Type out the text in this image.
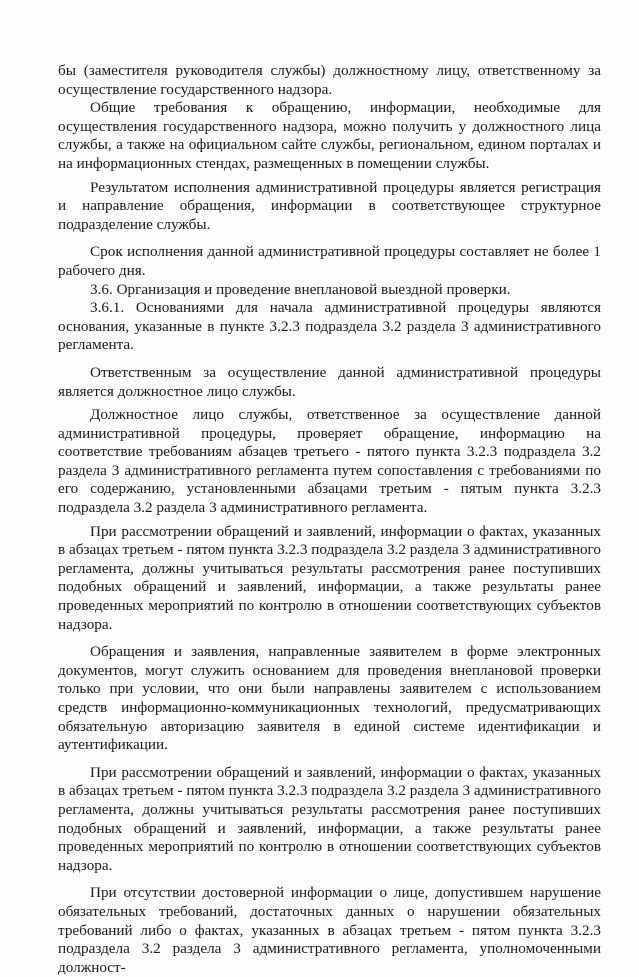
бы (заместителя руководителя службы) должностному лицу, ответственному за осуществление государственного надзора.

Общие требования к обращению, информации, необходимые для осуществления государственного надзора, можно получить у должностного лица службы, а также на официальном сайте службы, региональном, едином порталах и на информационных стендах, размещенных в помещении службы.

Результатом исполнения административной процедуры является регистрация и направление обращения, информации в соответствующее структурное подразделение службы.

Срок исполнения данной административной процедуры составляет не более 1 рабочего дня.

3.6. Организация и проведение внеплановой выездной проверки.

3.6.1. Основаниями для начала административной процедуры являются основания, указанные в пункте 3.2.3 подраздела 3.2 раздела 3 административного регламента.

Ответственным за осуществление данной административной процедуры является должностное лицо службы.

Должностное лицо службы, ответственное за осуществление данной административной процедуры, проверяет обращение, информацию на соответствие требованиям абзацев третьего - пятого пункта 3.2.3 подраздела 3.2 раздела 3 административного регламента путем сопоставления с требованиями по его содержанию, установленными абзацами третьим - пятым пункта 3.2.3 подраздела 3.2 раздела 3 административного регламента.

При рассмотрении обращений и заявлений, информации о фактах, указанных в абзацах третьем - пятом пункта 3.2.3 подраздела 3.2 раздела 3 административного регламента, должны учитываться результаты рассмотрения ранее поступивших подобных обращений и заявлений, информации, а также результаты ранее проведенных мероприятий по контролю в отношении соответствующих субъектов надзора.

Обращения и заявления, направленные заявителем в форме электронных документов, могут служить основанием для проведения внеплановой проверки только при условии, что они были направлены заявителем с использованием средств информационно-коммуникационных технологий, предусматривающих обязательную авторизацию заявителя в единой системе идентификации и аутентификации.

При рассмотрении обращений и заявлений, информации о фактах, указанных в абзацах третьем - пятом пункта 3.2.3 подраздела 3.2 раздела 3 административного регламента, должны учитываться результаты рассмотрения ранее поступивших подобных обращений и заявлений, информации, а также результаты ранее проведенных мероприятий по контролю в отношении соответствующих субъектов надзора.

При отсутствии достоверной информации о лице, допустившем нарушение обязательных требований, достаточных данных о нарушении обязательных требований либо о фактах, указанных в абзацах третьем - пятом пункта 3.2.3 подраздела 3.2 раздела 3 административного регламента, уполномоченными должност-
